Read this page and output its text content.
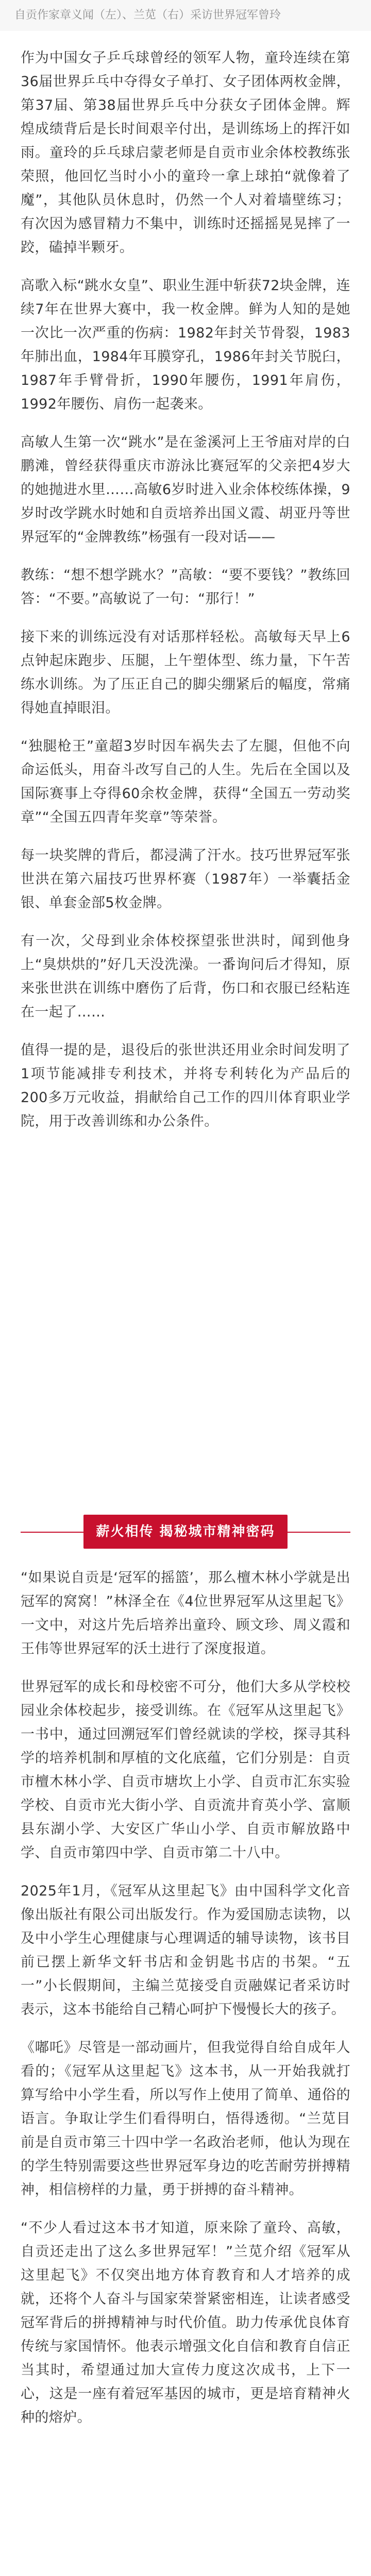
自贡作家章义闻（左）、兰苋（右）采访世界冠军曾玲

作为中国女子乒乓球曾经的领军人物，童玲连续在第36届世界乒乓中夺得女子单打、女子团体两枚金牌，第37届、第38届世界乒乓中分获女子团体金牌。辉煌成绩背后是长时间艰辛付出，是训练场上的挥汗如雨。童玲的乒乓球启蒙老师是自贡市业余体校教练张荣照，他回忆当时小小的童玲一拿上球拍“就像着了魔”，其他队员休息时，仍然一个人对着墙壁练习；有次因为感冒精力不集中，训练时还摇摇晃晃摔了一跤，磕掉半颗牙。

高歌入标“跳水女皇”、职业生涯中斩获72块金牌，连续7年在世界大赛中，我一枚金牌。鲜为人知的是她一次比一次严重的伤病：1982年封关节骨裂，1983年肺出血，1984年耳膜穿孔，1986年封关节脱臼，1987年手臂骨折，1990年腰伤，1991年肩伤，1992年腰伤、肩伤一起袭来。

高敏人生第一次“跳水”是在釜溪河上王爷庙对岸的白鹏滩，曾经获得重庆市游泳比赛冠军的父亲把4岁大的她抛进水里……高敏6岁时进入业余体校练体操，9岁时改学跳水时她和自贡培养出国义霞、胡亚丹等世界冠军的“金牌教练”杨强有一段对话——

教练：“想不想学跳水？”高敏：“要不要钱？”教练回答：“不要。”高敏说了一句：“那行！”

接下来的训练远没有对话那样轻松。高敏每天早上6点钟起床跑步、压腿，上午塑体型、练力量，下午苦练水训练。为了压正自己的脚尖绷紧后的幅度，常痛得她直掉眼泪。

“独腿枪王”童超3岁时因车祸失去了左腿，但他不向命运低头，用奋斗改写自己的人生。先后在全国以及国际赛事上夺得60余枚金牌，获得“全国五一劳动奖章”“全国五四青年奖章”等荣誉。

每一块奖牌的背后，都浸满了汗水。技巧世界冠军张世洪在第六届技巧世界杯赛（1987年）一举囊括金银、单套金部5枚金牌。

有一次，父母到业余体校探望张世洪时，闻到他身上“臭烘烘的”好几天没洗澡。一番询问后才得知，原来张世洪在训练中磨伤了后背，伤口和衣服已经粘连在一起了……

值得一提的是，退役后的张世洪还用业余时间发明了1项节能减排专利技术，并将专利转化为产品后的200多万元收益，捐献给自己工作的四川体育职业学院，用于改善训练和办公条件。

薪火相传 揭秘城市精神密码

“如果说自贡是‘冠军的摇篮’，那么檀木林小学就是出冠军的窝窝！”林泽全在《4位世界冠军从这里起飞》一文中，对这片先后培养出童玲、顾文珍、周义霞和王伟等世界冠军的沃土进行了深度报道。

世界冠军的成长和母校密不可分，他们大多从学校校园业余体校起步，接受训练。在《冠军从这里起飞》一书中，通过回溯冠军们曾经就读的学校，探寻其科学的培养机制和厚植的文化底蕴，它们分别是：自贡市檀木林小学、自贡市塘坎上小学、自贡市汇东实验学校、自贡市光大街小学、自贡流井育英小学、富顺县东湖小学、大安区广华山小学、自贡市解放路中学、自贡市第四中学、自贡市第二十八中。

2025年1月，《冠军从这里起飞》由中国科学文化音像出版社有限公司出版发行。作为爱国励志读物，以及中小学生心理健康与心理调适的辅导读物，该书目前已摆上新华文轩书店和金钥匙书店的书架。“五一”小长假期间，主编兰苋接受自贡融媒记者采访时表示，这本书能给自己精心呵护下慢慢长大的孩子。

《嘟吒》尽管是一部动画片，但我觉得自给自成年人看的；《冠军从这里起飞》这本书，从一开始我就打算写给中小学生看，所以写作上使用了简单、通俗的语言。争取让学生们看得明白，悟得透彻。“兰苋目前是自贡市第三十四中学一名政治老师，他认为现在的学生特别需要这些世界冠军身边的吃苦耐劳拼搏精神，相信榜样的力量，勇于拼搏的奋斗精神。

“不少人看过这本书才知道，原来除了童玲、高敏，自贡还走出了这么多世界冠军！”兰苋介绍《冠军从这里起飞》不仅突出地方体育教育和人才培养的成就，还将个人奋斗与国家荣誉紧密相连，让读者感受冠军背后的拼搏精神与时代价值。助力传承优良体育传统与家国情怀。他表示增强文化自信和教育自信正当其时，希望通过加大宣传力度这次成书，上下一心，这是一座有着冠军基因的城市，更是培育精神火种的熔炉。
